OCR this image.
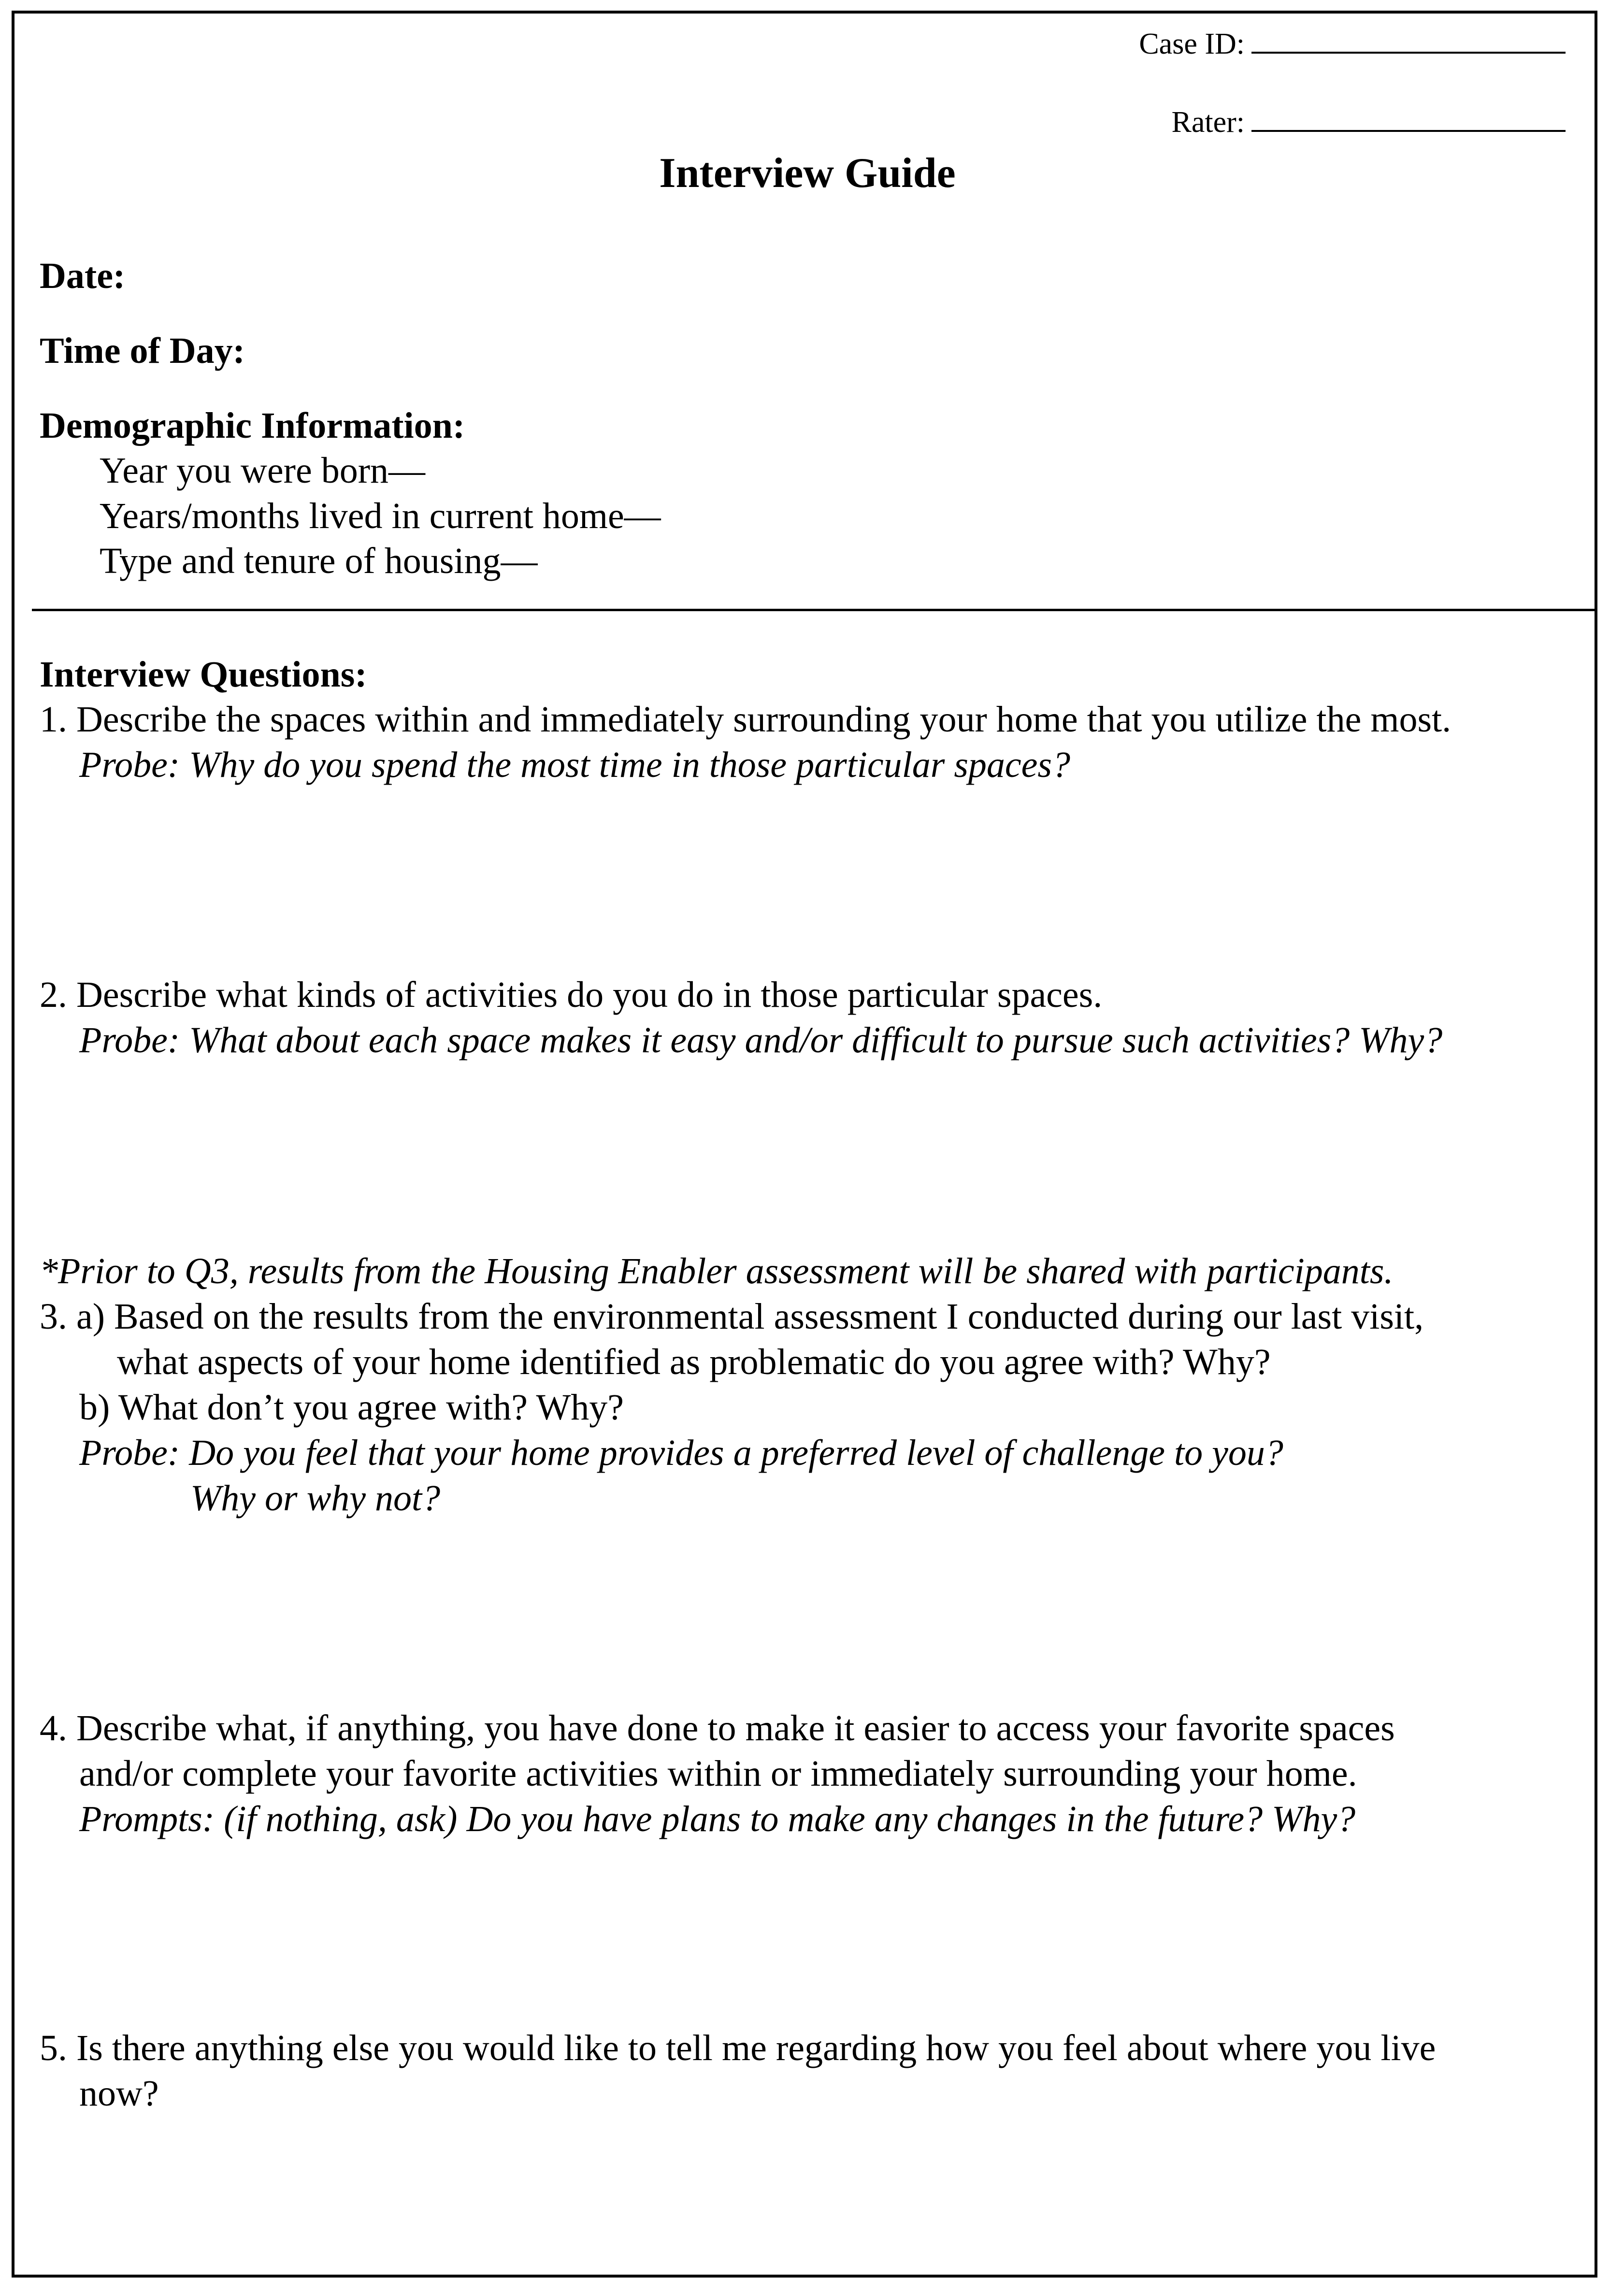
Case ID:
Rater:
Interview Guide
Date:
Time of Day:
Demographic Information:
Year you were born—
Years/months lived in current home—
Type and tenure of housing—
Interview Questions:
1. Describe the spaces within and immediately surrounding your home that you utilize the most.
Probe: Why do you spend the most time in those particular spaces?
2. Describe what kinds of activities do you do in those particular spaces.
Probe: What about each space makes it easy and/or difficult to pursue such activities? Why?
*Prior to Q3, results from the Housing Enabler assessment will be shared with participants.
3. a) Based on the results from the environmental assessment I conducted during our last visit,
what aspects of your home identified as problematic do you agree with? Why?
b) What don’t you agree with? Why?
Probe: Do you feel that your home provides a preferred level of challenge to you?
Why or why not?
4. Describe what, if anything, you have done to make it easier to access your favorite spaces
and/or complete your favorite activities within or immediately surrounding your home.
Prompts: (if nothing, ask) Do you have plans to make any changes in the future? Why?
5. Is there anything else you would like to tell me regarding how you feel about where you live
now?
